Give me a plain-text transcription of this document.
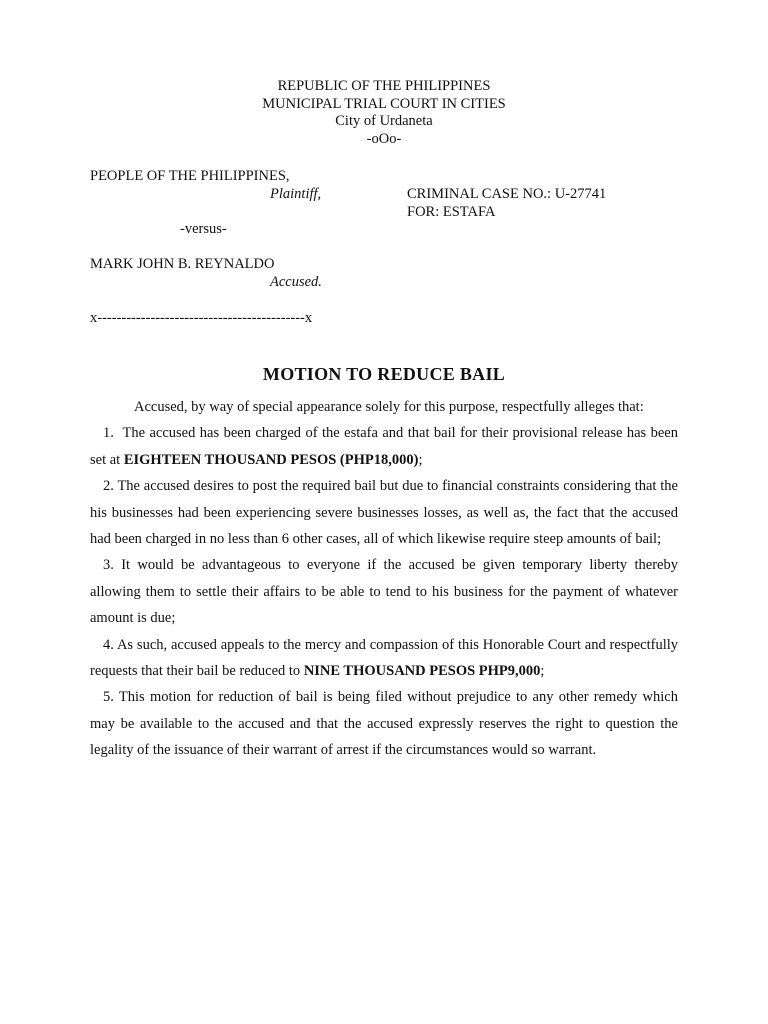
REPUBLIC OF THE PHILIPPINES
MUNICIPAL TRIAL COURT IN CITIES
City of Urdaneta
-oOo-
PEOPLE OF THE PHILIPPINES,
Plaintiff,	CRIMINAL CASE NO.: U-27741
FOR: ESTAFA
-versus-
MARK JOHN B. REYNALDO
Accused.
x-------------------------------------------x
MOTION TO REDUCE BAIL

Accused, by way of special appearance solely for this purpose, respectfully alleges that:

1. The accused has been charged of the estafa and that bail for their provisional release has been set at EIGHTEEN THOUSAND PESOS (PHP18,000);

2. The accused desires to post the required bail but due to financial constraints considering that the his businesses had been experiencing severe businesses losses, as well as, the fact that the accused had been charged in no less than 6 other cases, all of which likewise require steep amounts of bail;

3. It would be advantageous to everyone if the accused be given temporary liberty thereby allowing them to settle their affairs to be able to tend to his business for the payment of whatever amount is due;

4. As such, accused appeals to the mercy and compassion of this Honorable Court and respectfully requests that their bail be reduced to NINE THOUSAND PESOS PHP9,000;

5. This motion for reduction of bail is being filed without prejudice to any other remedy which may be available to the accused and that the accused expressly reserves the right to question the legality of the issuance of their warrant of arrest if the circumstances would so warrant.
